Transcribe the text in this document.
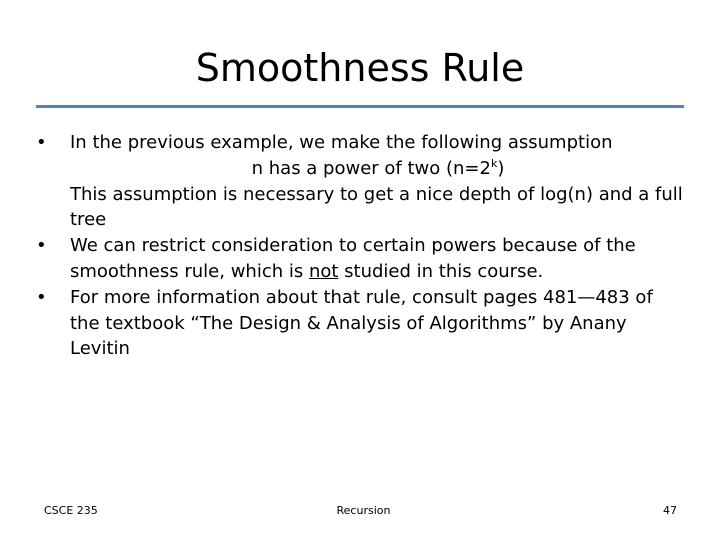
Smoothness Rule
•	In the previous example, we make the following assumption
n has a power of two $(n=2^k)$
This assumption is necessary to get a nice depth of log(n) and a full tree
•	We can restrict consideration to certain powers because of the smoothness rule, which is not studied in this course.
•	For more information about that rule, consult pages 481—483 of the textbook “The Design & Analysis of Algorithms” by Anany Levitin
CSCE 235	Recursion	47
